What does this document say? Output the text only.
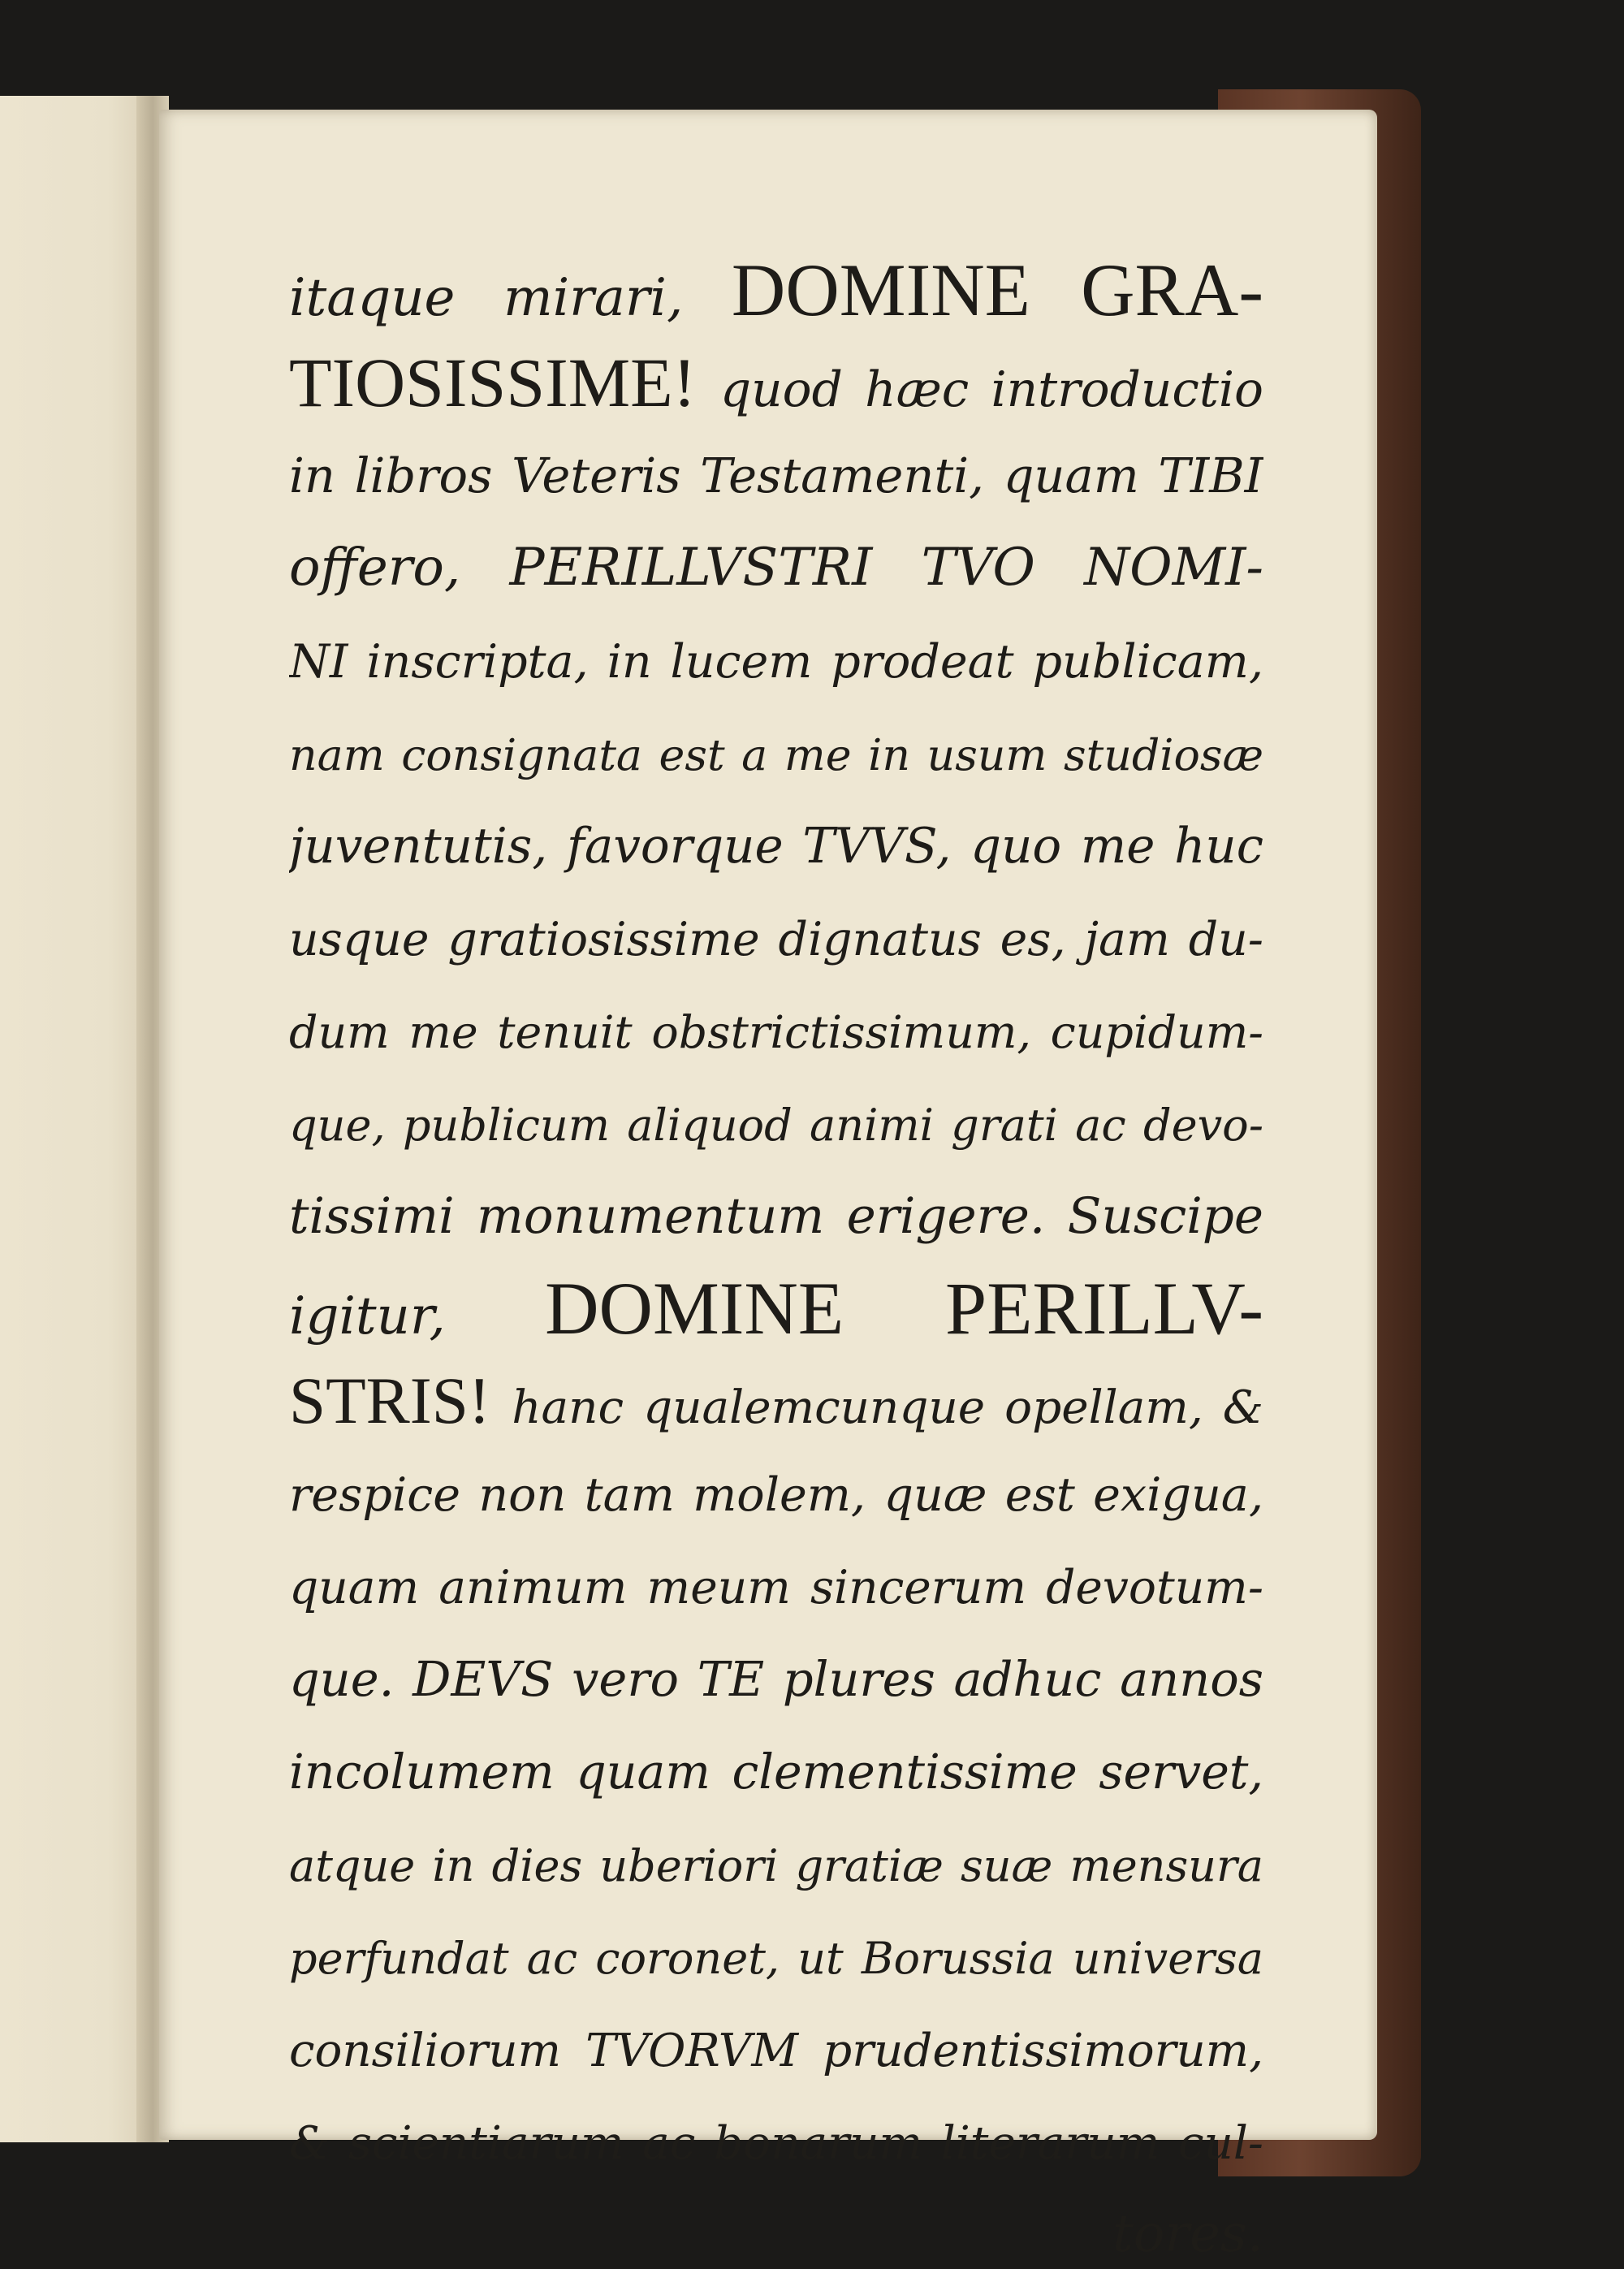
itaque mirari, DOMINE GRA-
TIOSISSIME! quod hæc introductio
in libros Veteris Testamenti, quam TIBI
offero, PERILLVSTRI TVO NOMI-
NI inscripta, in lucem prodeat publicam,
nam consignata est a me in usum studiosæ
juventutis, favorque TVVS, quo me huc
usque gratiosissime dignatus es, jam du-
dum me tenuit obstrictissimum, cupidum-
que, publicum aliquod animi grati ac devo-
tissimi monumentum erigere. Suscipe
igitur, DOMINE PERILLV-
STRIS! hanc qualemcunque opellam, &
respice non tam molem, quæ est exigua,
quam animum meum sincerum devotum-
que. DEVS vero TE plures adhuc annos
incolumem quam clementissime servet,
atque in dies uberiori gratiæ suæ mensura
perfundat ac coronet, ut Borussia universa
consiliorum TVORVM prudentissimorum,
& scientiarum ac bonarum literarum cul-
tores.
